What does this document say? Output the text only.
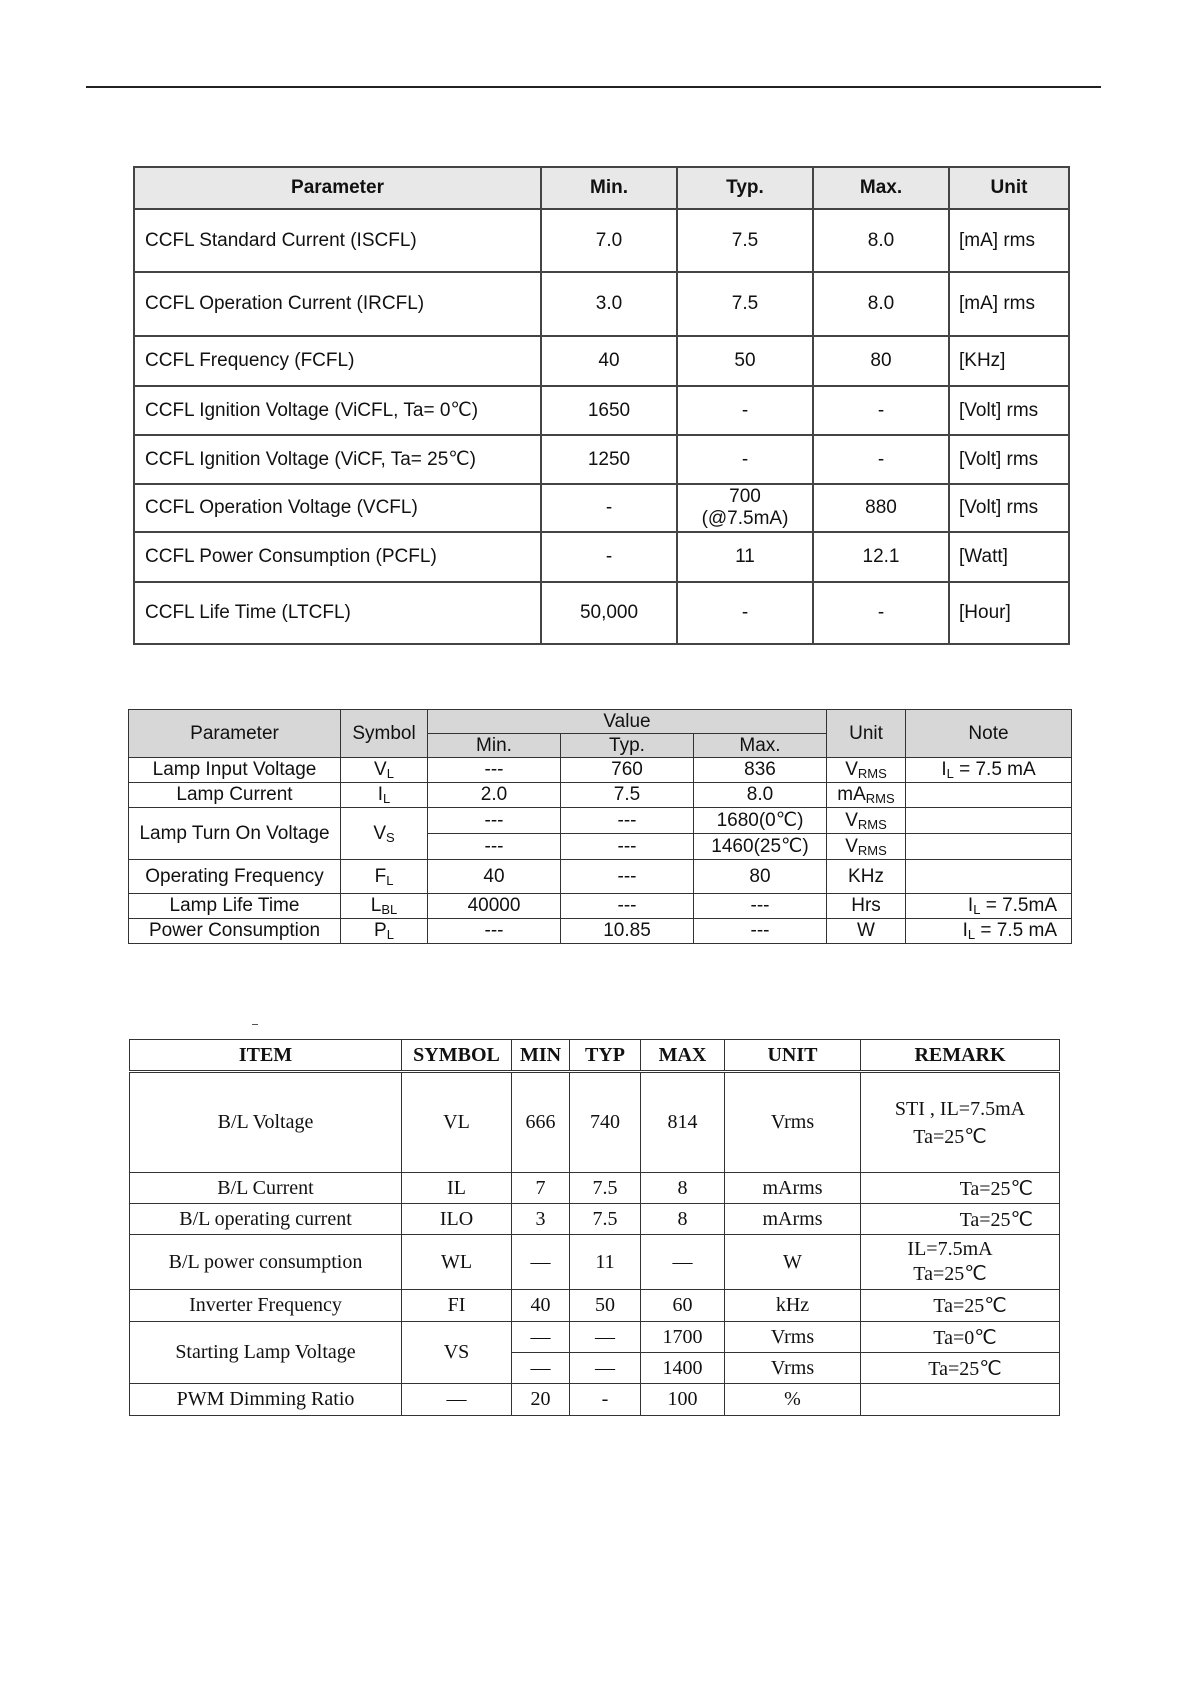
Parameter	Min.	Typ.	Max.	Unit
CCFL Standard Current (ISCFL)	7.0	7.5	8.0	[mA] rms
CCFL Operation Current (IRCFL)	3.0	7.5	8.0	[mA] rms
CCFL Frequency (FCFL)	40	50	80	[KHz]
CCFL Ignition Voltage (ViCFL, Ta= 0℃)	1650	-	-	[Volt] rms
CCFL Ignition Voltage (ViCF, Ta= 25℃)	1250	-	-	[Volt] rms
CCFL Operation Voltage (VCFL)	-	700 (@7.5mA)	880	[Volt] rms
CCFL Power Consumption (PCFL)	-	11	12.1	[Watt]
CCFL Life Time (LTCFL)	50,000	-	-	[Hour]
Parameter	Symbol	Value			Unit	Note
		Min.	Typ.	Max.		
Lamp Input Voltage	$V_L$	---	760	836	$V_{RMS}$	$I_L = 7.5$ mA
Lamp Current	$I_L$	2.0	7.5	8.0	$mA_{RMS}$	
Lamp Turn On Voltage	$V_S$	---	---	1680(0℃)	$V_{RMS}$	
		---	---	1460(25℃)	$V_{RMS}$	
Operating Frequency	$F_L$	40	---	80	KHz	
Lamp Life Time	$L_{BL}$	40000	---	---	Hrs	$I_L = 7.5mA$
Power Consumption	$P_L$	---	10.85	---	W	$I_L = 7.5$ mA
ITEM	SYMBOL	MIN	TYP	MAX	UNIT	REMARK
B/L Voltage	VL	666	740	814	Vrms	STI , IL=7.5mA
Ta=25℃

B/L Current	IL	7	7.5	8	mArms	Ta=25℃
B/L operating current	ILO	3	7.5	8	mArms	Ta=25℃
B/L power consumption	WL	—	11	—	W	IL=7.5mA
Ta=25℃

Inverter Frequency	FI	40	50	60	kHz	Ta=25℃
Starting Lamp Voltage	VS	—	—	1700	Vrms	Ta=0℃
		—	—	1400	Vrms	Ta=25℃
PWM Dimming Ratio	—	20	-	100	%	
